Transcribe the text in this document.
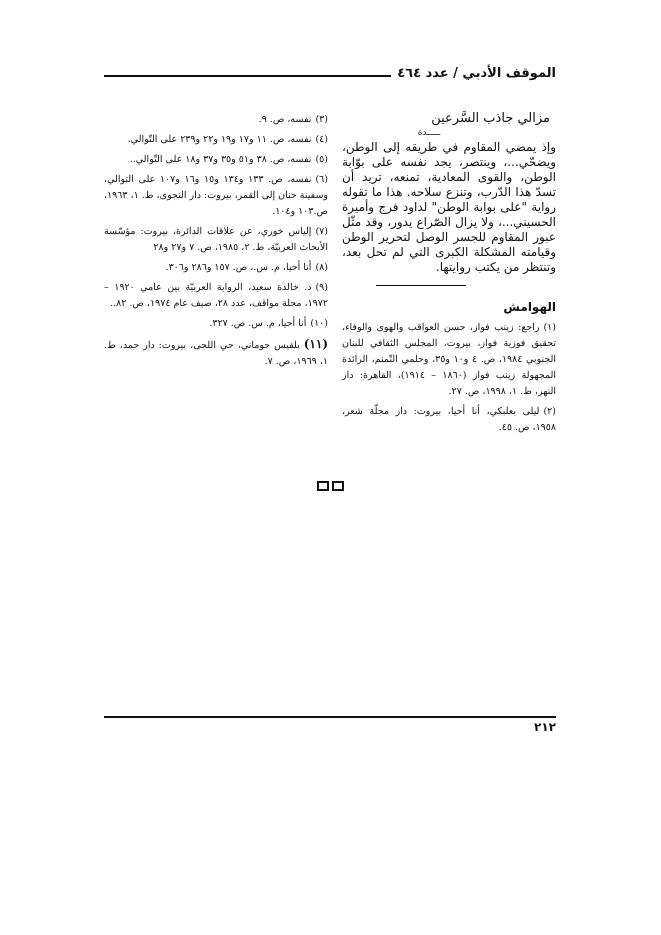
الموقف الأدبي / عدد ٤٦٤
مزالي جاذب السَّرعين
ـــــدة
وإذ يمضي المقاوم في طريقه إلى الوطن، ويضحّي...، وينتصر، يجد نفسه على بوّابة الوطن، والقوى المعادية، تمنعه، تريد أن تسدّ هذا الدّرب، وتنزع سلاحه. هذا ما تقوله رواية "على بوابة الوطن" لداود فرج وأميرة الحسيني...، ولا يزال الصّراع يدور، وقد مثّل عبور المقاوم للجسر الوصل لتحرير الوطن وقيامته المشكلة الكبرى التي لم تحل بعد، وتنتظر من يكتب روايتها.
الهوامش

(١)راجع: زينب فواز، حسن العواقب والهوى والوفاء، تحقيق فوزية فواز، بيروت، المجلس الثقافي للبنان الجنوبي ١٩٨٤، ص. ٤ و١٠ و٣٥، وحلمي التّمنم، الرائدة المجهولة زينب فواز (١٨٦٠ – ١٩١٤)، القاهرة: دار النهر، ط. ١، ١٩٩٨، ص. ٢٧.

(٢)ليلى بعلبكي، أنا أحيا، بيروت: دار مجلّة شعر، ١٩٥٨، ص. ٤٥.

(٣)نفسه، ص. ٩.

(٤)نفسه، ص. ١١ و١٧ و١٩ و٢٢ و٢٣٩ على التّوالي.

(٥)نفسه، ص. ٣٨ و٥١ و٣٥ و٣٧ و١٨ على التّوالي..

(٦)نفسه، ص. ١٣٣ و١٣٤ و١٥ و١٦ و١٠٧ على التوالي، وسفينة حنان إلى القمر، بيروت: دار النجوى، ط. ١، ١٩٦٣، ص.١٠٣ و١٠٤.

(٧)إلياس خوري، عن علاقات الدائرة، بيروت: مؤسّسة الأبحاث العربيّة، ط. ٢، ١٩٨٥، ص. ٧ و٢٧ و٢٨

(٨)أنا أحيا، م. س.، ص. ١٥٧ و٢٨٦ و٣٠٦.

(٩)د. خالدة سعيد، الرواية العربيّة بين عامي ١٩٢٠ – ١٩٧٢، مجلة مواقف، عدد ٢٨، صيف عام ١٩٧٤، ص. ٨٢..

(١٠)أنا أحيا، م. س. ص. ٣٢٧.

(١١)بلقيس حوماني، حي اللجى، بيروت: دار حمد، ط. ١، ١٩٦٩، ص. ٧.

٢١٢
